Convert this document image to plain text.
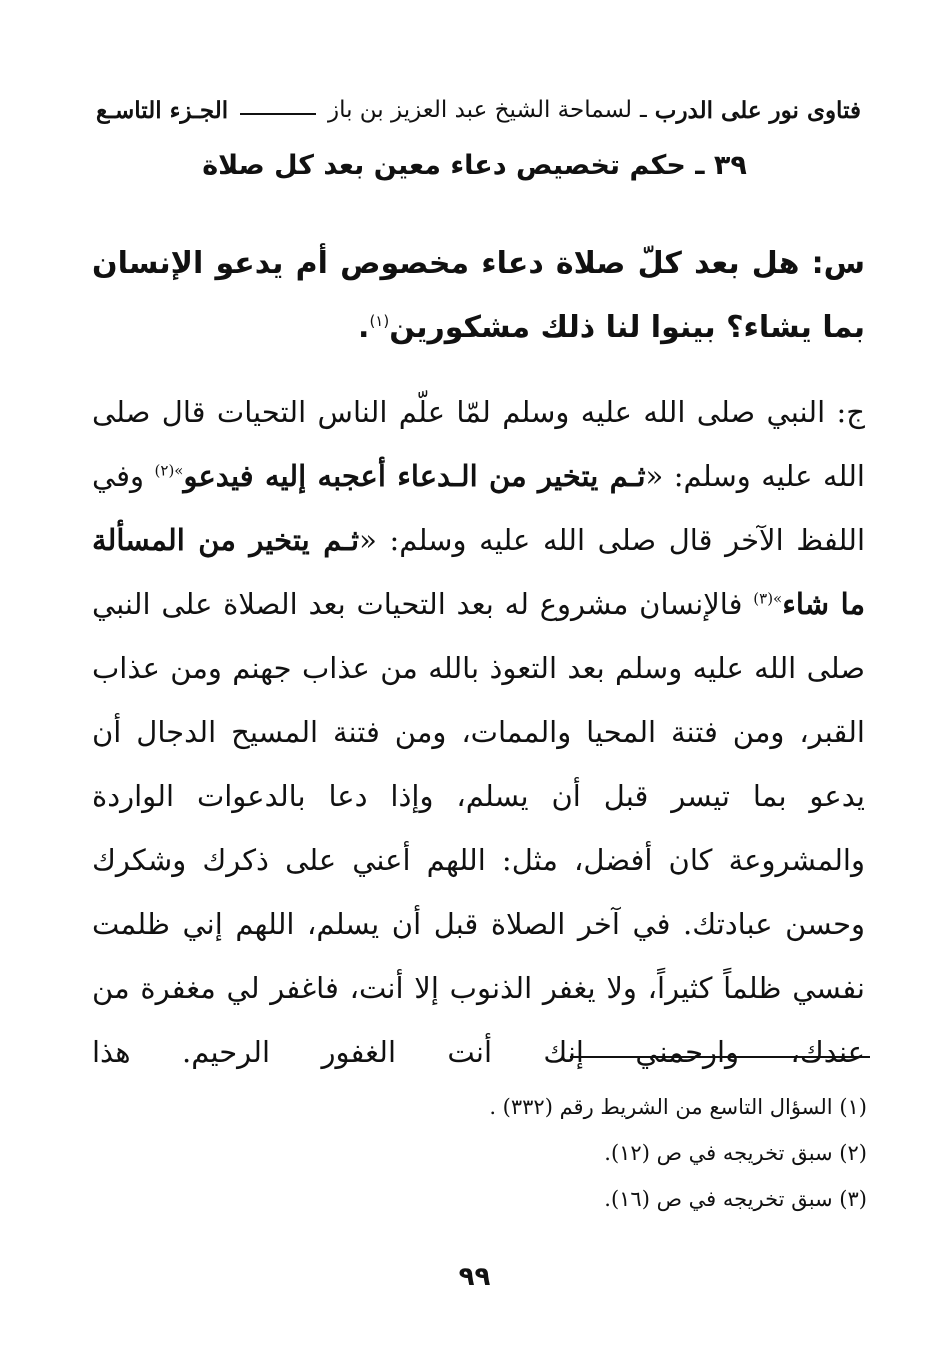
فتاوى نور على الدرب
ـ
لسماحة الشيخ عبد العزيز بن باز
الجـزء التاسـع
٣٩ ـ حكم تخصيص دعاء معين بعد كل صلاة
س: هل بعد كلّ صلاة دعاء مخصوص أم يدعو الإنسان بما يشاء؟ بينوا لنا ذلك مشكورين$^{(١)}$.
ج: النبي صلى الله عليه وسلم لمّا علّم الناس التحيات قال صلى الله عليه وسلم: «ثـم يتخير من الـدعاء أعجبه إليه فيدعو$^{»(٢)}$ وفي اللفظ الآخر قال صلى الله عليه وسلم: «ثـم يتخير من المسألة ما شاء$^{»(٣)}$ فالإنسان مشروع له بعد التحيات بعد الصلاة على النبي صلى الله عليه وسلم بعد التعوذ بالله من عذاب جهنم ومن عذاب القبر، ومن فتنة المحيا والممات، ومن فتنة المسيح الدجال أن يدعو بما تيسر قبل أن يسلم، وإذا دعا بالدعوات الواردة والمشروعة كان أفضل، مثل: اللهم أعني على ذكرك وشكرك وحسن عبادتك. في آخر الصلاة قبل أن يسلم، اللهم إني ظلمت نفسي ظلماً كثيراً، ولا يغفر الذنوب إلا أنت، فاغفر لي مغفرة من عندك، وارحمني إنك أنت الغفور الرحيم. هذا
(١) السؤال التاسع من الشريط رقم (٣٣٢) .
(٢) سبق تخريجه في ص (١٢).
(٣) سبق تخريجه في ص (١٦).
٩٩
